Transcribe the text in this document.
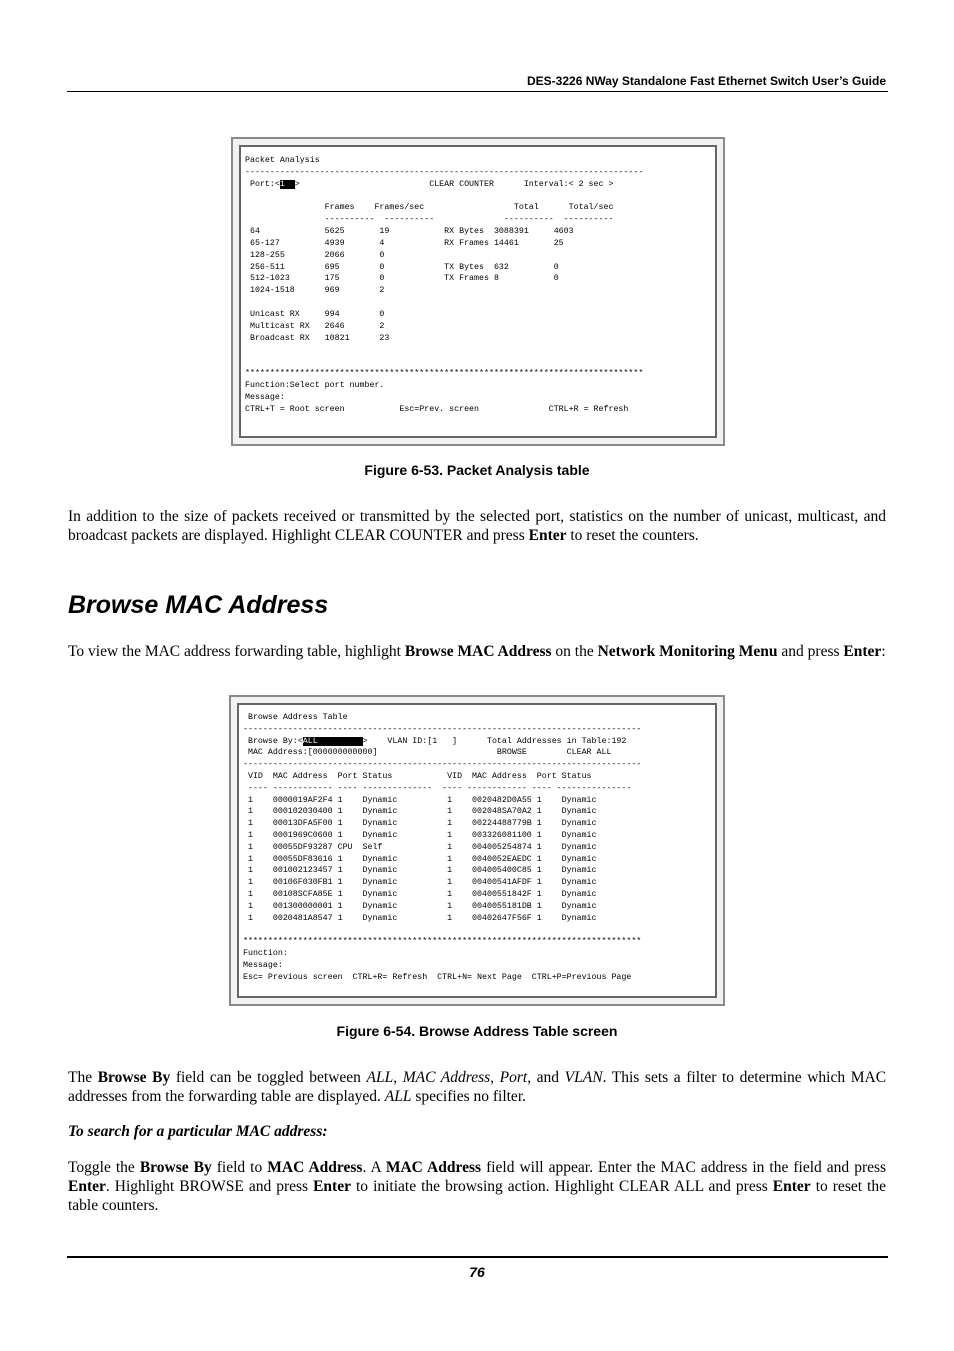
DES-3226 NWay Standalone Fast Ethernet Switch User’s Guide
Packet Analysis
--------------------------------------------------------------------------------
Port:<1  >                          CLEAR COUNTER      Interval:< 2 sec >

Frames    Frames/sec                  Total      Total/sec
----------  ----------              ----------  ----------
64             5625       19           RX Bytes  3088391     4603
65-127         4939       4            RX Frames 14461       25
128-255        2066       0
256-511        695        0            TX Bytes  632         0
512-1023       175        0            TX Frames 8           0
1024-1518      969        2

Unicast RX     994        0
Multicast RX   2646       2
Broadcast RX   10821      23

********************************************************************************
Function:Select port number.
Message:
CTRL+T = Root screen           Esc=Prev. screen              CTRL+R = Refresh
Figure 6-53. Packet Analysis table

In addition to the size of packets received or transmitted by the selected port, statistics on the number of unicast, multicast, and broadcast packets are displayed. Highlight CLEAR COUNTER and press Enter to reset the counters.

Browse MAC Address

To view the MAC address forwarding table, highlight Browse MAC Address on the Network Monitoring Menu and press Enter:

Browse Address Table
--------------------------------------------------------------------------------
Browse By:<ALL         >    VLAN ID:[1   ]      Total Addresses in Table:192
MAC Address:[000000000000]                        BROWSE        CLEAR ALL
--------------------------------------------------------------------------------
VID  MAC Address  Port Status           VID  MAC Address  Port Status
---- ------------ ---- --------------  ---- ------------ ---- ---------------
1    0000019AF2F4 1    Dynamic          1    0020482D0A55 1    Dynamic
1    000102030400 1    Dynamic          1    002048SA70A2 1    Dynamic
1    00013DFA5F00 1    Dynamic          1    00224488779B 1    Dynamic
1    0001969C0600 1    Dynamic          1    003326081100 1    Dynamic
1    00055DF93287 CPU  Self             1    004005254874 1    Dynamic
1    00055DF83616 1    Dynamic          1    0040052EAEDC 1    Dynamic
1    001002123457 1    Dynamic          1    004005400C85 1    Dynamic
1    00106F030FB1 1    Dynamic          1    00400541AFDF 1    Dynamic
1    00108SCFA85E 1    Dynamic          1    00400551842F 1    Dynamic
1    001300000001 1    Dynamic          1    0040055181DB 1    Dynamic
1    0020481A8547 1    Dynamic          1    00402647F56F 1    Dynamic

********************************************************************************
Function:
Message:
Esc= Previous screen  CTRL+R= Refresh  CTRL+N= Next Page  CTRL+P=Previous Page
Figure 6-54. Browse Address Table screen

The Browse By field can be toggled between ALL, MAC Address, Port, and VLAN. This sets a filter to determine which MAC addresses from the forwarding table are displayed. ALL specifies no filter.

To search for a particular MAC address:

Toggle the Browse By field to MAC Address. A MAC Address field will appear. Enter the MAC address in the field and press Enter. Highlight BROWSE and press Enter to initiate the browsing action. Highlight CLEAR ALL and press Enter to reset the table counters.

76
